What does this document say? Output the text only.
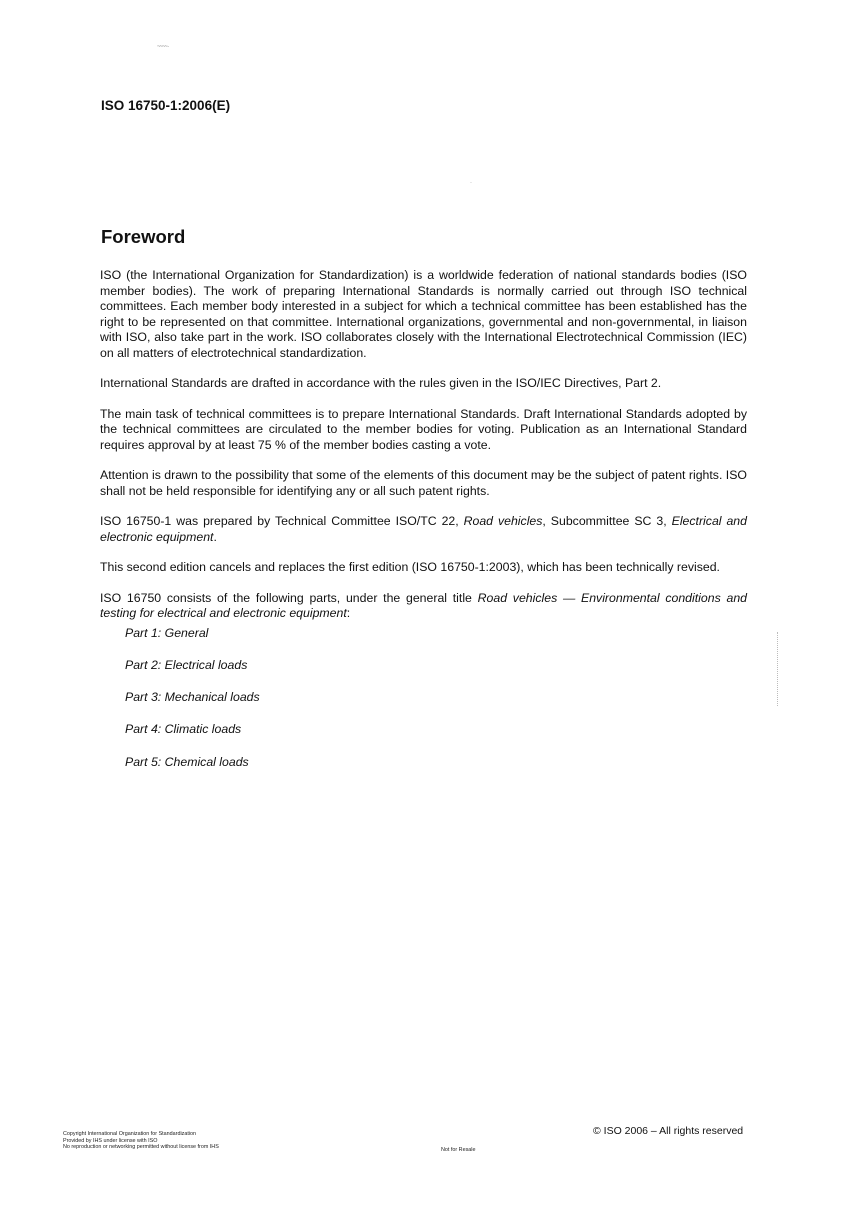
~~~~ ·
·
ISO 16750-1:2006(E)
Foreword

ISO (the International Organization for Standardization) is a worldwide federation of national standards bodies (ISO member bodies). The work of preparing International Standards is normally carried out through ISO technical committees. Each member body interested in a subject for which a technical committee has been established has the right to be represented on that committee. International organizations, governmental and non-governmental, in liaison with ISO, also take part in the work. ISO collaborates closely with the International Electrotechnical Commission (IEC) on all matters of electrotechnical standardization.

International Standards are drafted in accordance with the rules given in the ISO/IEC Directives, Part 2.

The main task of technical committees is to prepare International Standards. Draft International Standards adopted by the technical committees are circulated to the member bodies for voting. Publication as an International Standard requires approval by at least 75 % of the member bodies casting a vote.

Attention is drawn to the possibility that some of the elements of this document may be the subject of patent rights. ISO shall not be held responsible for identifying any or all such patent rights.

ISO 16750-1 was prepared by Technical Committee ISO/TC 22, Road vehicles, Subcommittee SC 3, Electrical and electronic equipment.

This second edition cancels and replaces the first edition (ISO 16750-1:2003), which has been technically revised.

ISO 16750 consists of the following parts, under the general title Road vehicles — Environmental conditions and testing for electrical and electronic equipment:

Part 1: General
Part 2: Electrical loads
Part 3: Mechanical loads
Part 4: Climatic loads
Part 5: Chemical loads
Copyright International Organization for Standardization
Provided by IHS under license with ISO
No reproduction or networking permitted without license from IHS	Not for Resale
© ISO 2006 – All rights reserved
